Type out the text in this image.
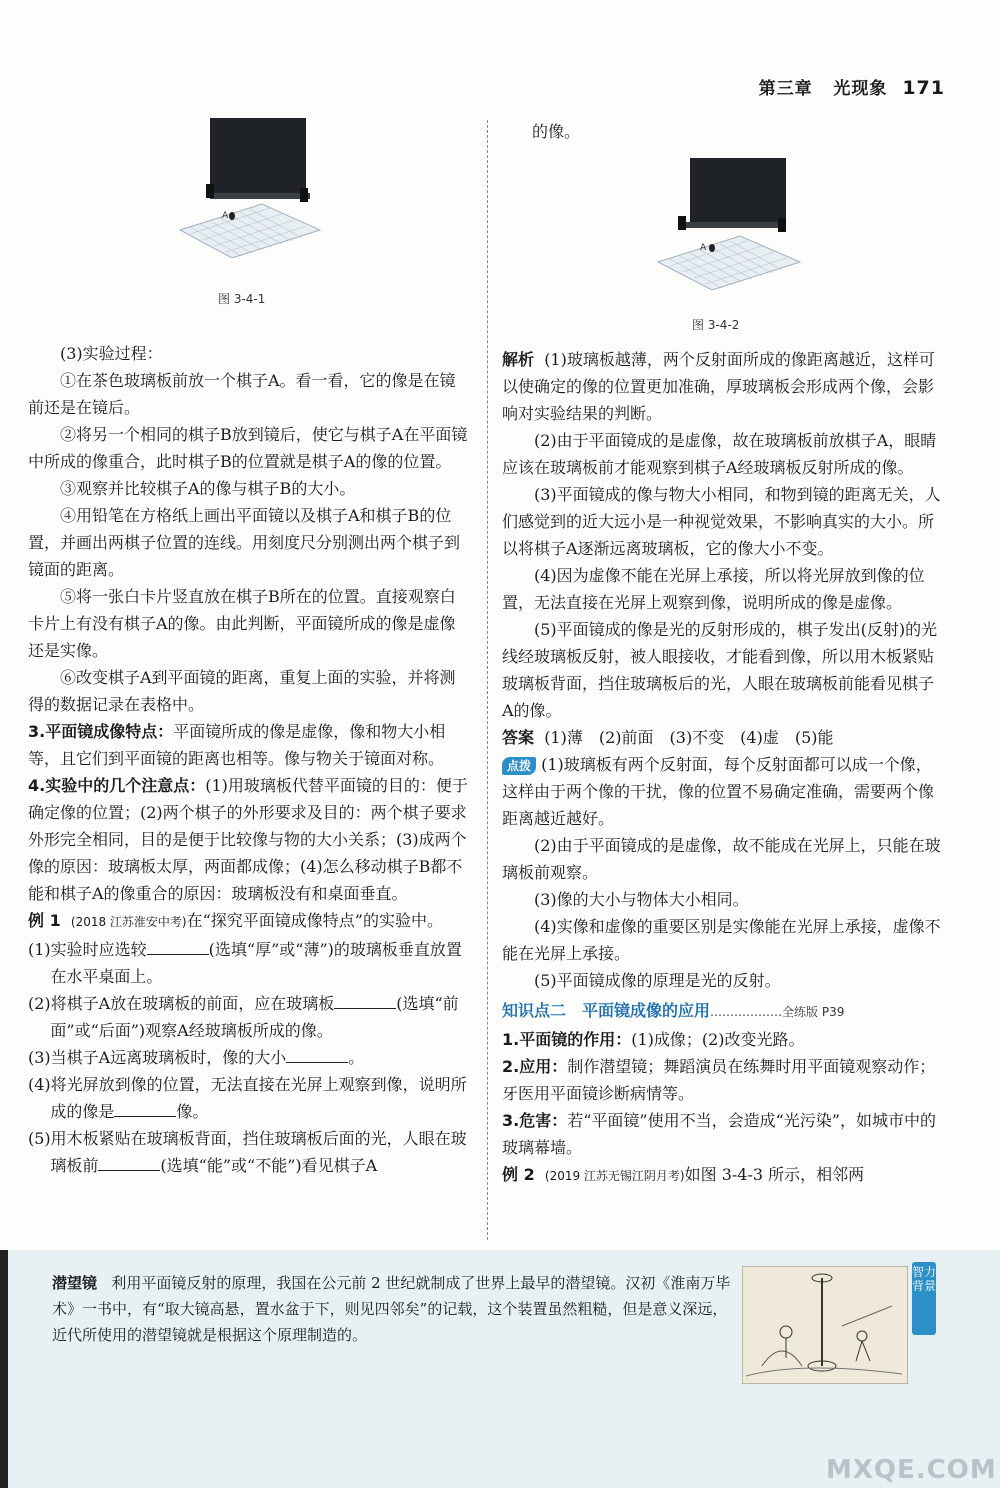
第三章 光现象 171
A
图 3-4-1
A
图 3-4-2

(3)实验过程：

①在茶色玻璃板前放一个棋子A。看一看，它的像是在镜前还是在镜后。

②将另一个相同的棋子B放到镜后，使它与棋子A在平面镜中所成的像重合，此时棋子B的位置就是棋子A的像的位置。

③观察并比较棋子A的像与棋子B的大小。

④用铅笔在方格纸上画出平面镜以及棋子A和棋子B的位置，并画出两棋子位置的连线。用刻度尺分别测出两个棋子到镜面的距离。

⑤将一张白卡片竖直放在棋子B所在的位置。直接观察白卡片上有没有棋子A的像。由此判断，平面镜所成的像是虚像还是实像。

⑥改变棋子A到平面镜的距离，重复上面的实验，并将测得的数据记录在表格中。

3.平面镜成像特点：平面镜所成的像是虚像，像和物大小相等，且它们到平面镜的距离也相等。像与物关于镜面对称。

4.实验中的几个注意点：(1)用玻璃板代替平面镜的目的：便于确定像的位置；(2)两个棋子的外形要求及目的：两个棋子要求外形完全相同，目的是便于比较像与物的大小关系；(3)成两个像的原因：玻璃板太厚，两面都成像；(4)怎么移动棋子B都不能和棋子A的像重合的原因：玻璃板没有和桌面垂直。

例 1 (2018 江苏淮安中考)在“探究平面镜成像特点”的实验中。

(1)实验时应选较	(选填“厚”或“薄”)的玻璃板垂直放置在水平桌面上。

(2)将棋子A放在玻璃板的前面，应在玻璃板	(选填“前面”或“后面”)观察A经玻璃板所成的像。

(3)当棋子A远离玻璃板时，像的大小	。

(4)将光屏放到像的位置，无法直接在光屏上观察到像，说明所成的像是	像。

(5)用木板紧贴在玻璃板背面，挡住玻璃板后面的光，人眼在玻璃板前	(选填“能”或“不能”)看见棋子A

的像。

解析 (1)玻璃板越薄，两个反射面所成的像距离越近，这样可以使确定的像的位置更加准确，厚玻璃板会形成两个像，会影响对实验结果的判断。

(2)由于平面镜成的是虚像，故在玻璃板前放棋子A，眼睛应该在玻璃板前才能观察到棋子A经玻璃板反射所成的像。

(3)平面镜成的像与物大小相同，和物到镜的距离无关，人们感觉到的近大远小是一种视觉效果，不影响真实的大小。所以将棋子A逐渐远离玻璃板，它的像大小不变。

(4)因为虚像不能在光屏上承接，所以将光屏放到像的位置，无法直接在光屏上观察到像，说明所成的像是虚像。

(5)平面镜成的像是光的反射形成的，棋子发出(反射)的光线经玻璃板反射，被人眼接收，才能看到像，所以用木板紧贴玻璃板背面，挡住玻璃板后的光，人眼在玻璃板前能看见棋子A的像。

答案 (1)薄　(2)前面　(3)不变　(4)虚　(5)能

点拨 (1)玻璃板有两个反射面，每个反射面都可以成一个像，这样由于两个像的干扰，像的位置不易确定准确，需要两个像距离越近越好。

(2)由于平面镜成的是虚像，故不能成在光屏上，只能在玻璃板前观察。

(3)像的大小与物体大小相同。

(4)实像和虚像的重要区别是实像能在光屏上承接，虚像不能在光屏上承接。

(5)平面镜成像的原理是光的反射。

知识点二　平面镜成像的应用………………全练版 P39

1.平面镜的作用：(1)成像；(2)改变光路。

2.应用：制作潜望镜；舞蹈演员在练舞时用平面镜观察动作；牙医用平面镜诊断病情等。

3.危害：若“平面镜”使用不当，会造成“光污染”，如城市中的玻璃幕墙。

例 2 (2019 江苏无锡江阴月考)如图 3-4-3 所示，相邻两

潜望镜 利用平面镜反射的原理，我国在公元前 2 世纪就制成了世界上最早的潜望镜。汉初《淮南万毕术》一书中，有“取大镜高悬，置水盆于下，则见四邻矣”的记载，这个装置虽然粗糙，但是意义深远，近代所使用的潜望镜就是根据这个原理制造的。
智力背景
MXQE.COM
